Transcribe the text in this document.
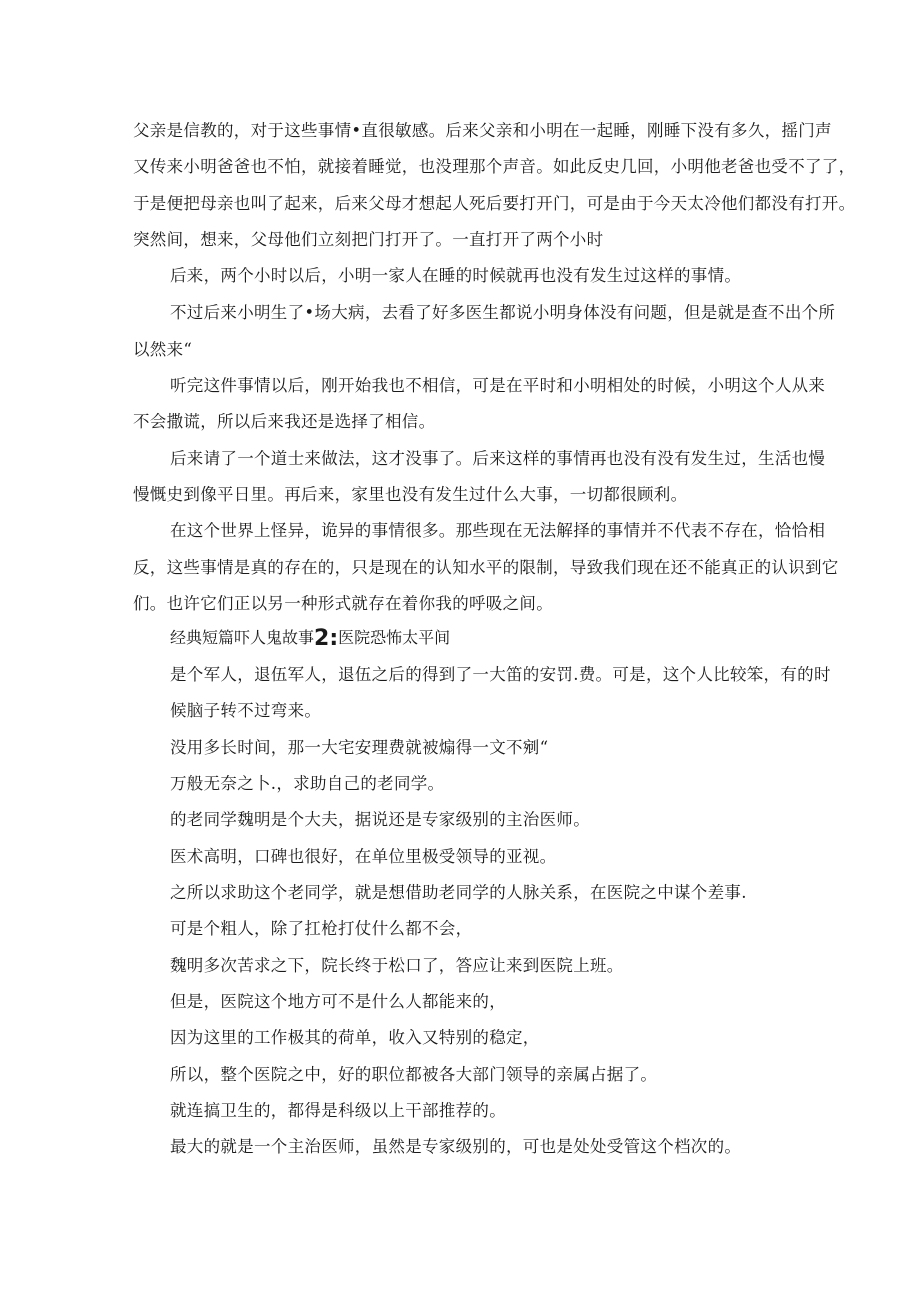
父亲是信教的，对于这些事情•直很敏感。后来父亲和小明在一起睡，刚睡下没有多久，摇门声
又传来小明爸爸也不怕，就接着睡觉，也没理那个声音。如此反史几回，小明他老爸也受不了了，
于是便把母亲也叫了起来，后来父母才想起人死后要打开门，可是由于今天太冷他们都没有打开。
突然间，想来，父母他们立刻把门打开了。一直打开了两个小时
后来，两个小时以后，小明一家人在睡的时候就再也没有发生过这样的事情。
不过后来小明生了•场大病，去看了好多医生都说小明身体没有问题，但是就是查不出个所
以然来“
听完这件事情以后，刚开始我也不相信，可是在平时和小明相处的时候，小明这个人从来
不会撒谎，所以后来我还是选择了相信。
后来请了一个道士来做法，这才没事了。后来这样的事情再也没有没有发生过，生活也慢
慢慨史到像平日里。再后来，家里也没有发生过什么大事，一切都很顾利。
在这个世界上怪异，诡异的事情很多。那些现在无法解择的事情并不代表不存在，恰恰相
反，这些事情是真的存在的，只是现在的认知水平的限制，导致我们现在还不能真正的认识到它
们。也许它们正以另一种形式就存在着你我的呼吸之间。
经典短篇吓人鬼故事2:医院恐怖太平间
是个军人，退伍军人，退伍之后的得到了一大笛的安罚.费。可是，这个人比较笨，有的时
候脑子转不过弯来。
没用多长时间，那一大宅安理费就被煽得一文不剜“
万般无奈之卜.，求助自己的老同学。
的老同学魏明是个大夫，据说还是专家级别的主治医师。
医术高明，口碑也很好，在单位里极受领导的亚视。
之所以求助这个老同学，就是想借助老同学的人脉关系，在医院之中谋个差事.
可是个粗人，除了扛枪打仗什么都不会，
魏明多次苦求之下，院长终于松口了，答应让来到医院上班。
但是，医院这个地方可不是什么人都能来的，
因为这里的工作极其的荷单，收入又特别的稳定，
所以，整个医院之中，好的职位都被各大部门领导的亲属占据了。
就连搞卫生的，都得是科级以上干部推荐的。
最大的就是一个主治医师，虽然是专家级别的，可也是处处受管这个档次的。
